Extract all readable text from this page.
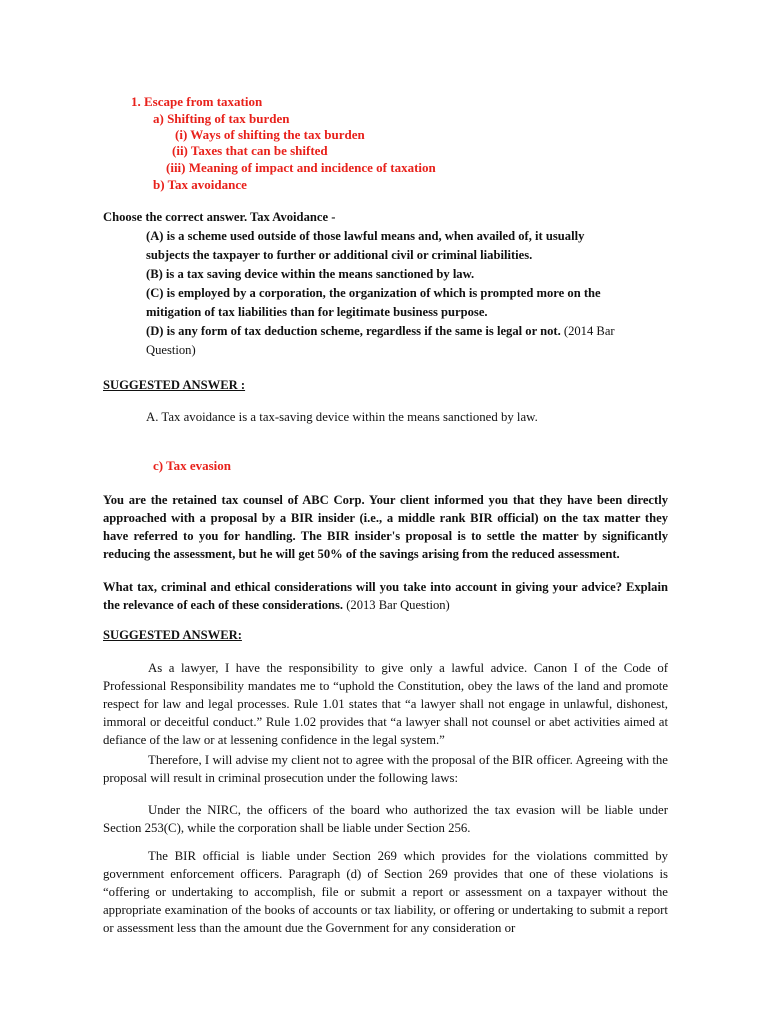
1. Escape from taxation
a) Shifting of tax burden
(i) Ways of shifting the tax burden
(ii) Taxes that can be shifted
(iii) Meaning of impact and incidence of taxation
b) Tax avoidance
Choose the correct answer. Tax Avoidance -
(A) is a scheme used outside of those lawful means and, when availed of, it usually
subjects the taxpayer to further or additional civil or criminal liabilities.
(B) is a tax saving device within the means sanctioned by law.
(C) is employed by a corporation, the organization of which is prompted more on the
mitigation of tax liabilities than for legitimate business purpose.
(D) is any form of tax deduction scheme, regardless if the same is legal or not. (2014 Bar
Question)
SUGGESTED ANSWER :
A. Tax avoidance is a tax-saving device within the means sanctioned by law.
c) Tax evasion
You are the retained tax counsel of ABC Corp. Your client informed you that they have been directly approached with a proposal by a BIR insider (i.e., a middle rank BIR official) on the tax matter they have referred to you for handling. The BIR insider's proposal is to settle the matter by significantly reducing the assessment, but he will get 50% of the savings arising from the reduced assessment.
What tax, criminal and ethical considerations will you take into account in giving your advice? Explain the relevance of each of these considerations. (2013 Bar Question)
SUGGESTED ANSWER:
As a lawyer, I have the responsibility to give only a lawful advice. Canon I of the Code of Professional Responsibility mandates me to “uphold the Constitution, obey the laws of the land and promote respect for law and legal processes. Rule 1.01 states that “a lawyer shall not engage in unlawful, dishonest, immoral or deceitful conduct.” Rule 1.02 provides that “a lawyer shall not counsel or abet activities aimed at defiance of the law or at lessening confidence in the legal system.”
Therefore, I will advise my client not to agree with the proposal of the BIR officer. Agreeing with the proposal will result in criminal prosecution under the following laws:
Under the NIRC, the officers of the board who authorized the tax evasion will be liable under Section 253(C), while the corporation shall be liable under Section 256.
The BIR official is liable under Section 269 which provides for the violations committed by government enforcement officers. Paragraph (d) of Section 269 provides that one of these violations is “offering or undertaking to accomplish, file or submit a report or assessment on a taxpayer without the appropriate examination of the books of accounts or tax liability, or offering or undertaking to submit a report or assessment less than the amount due the Government for any consideration or
